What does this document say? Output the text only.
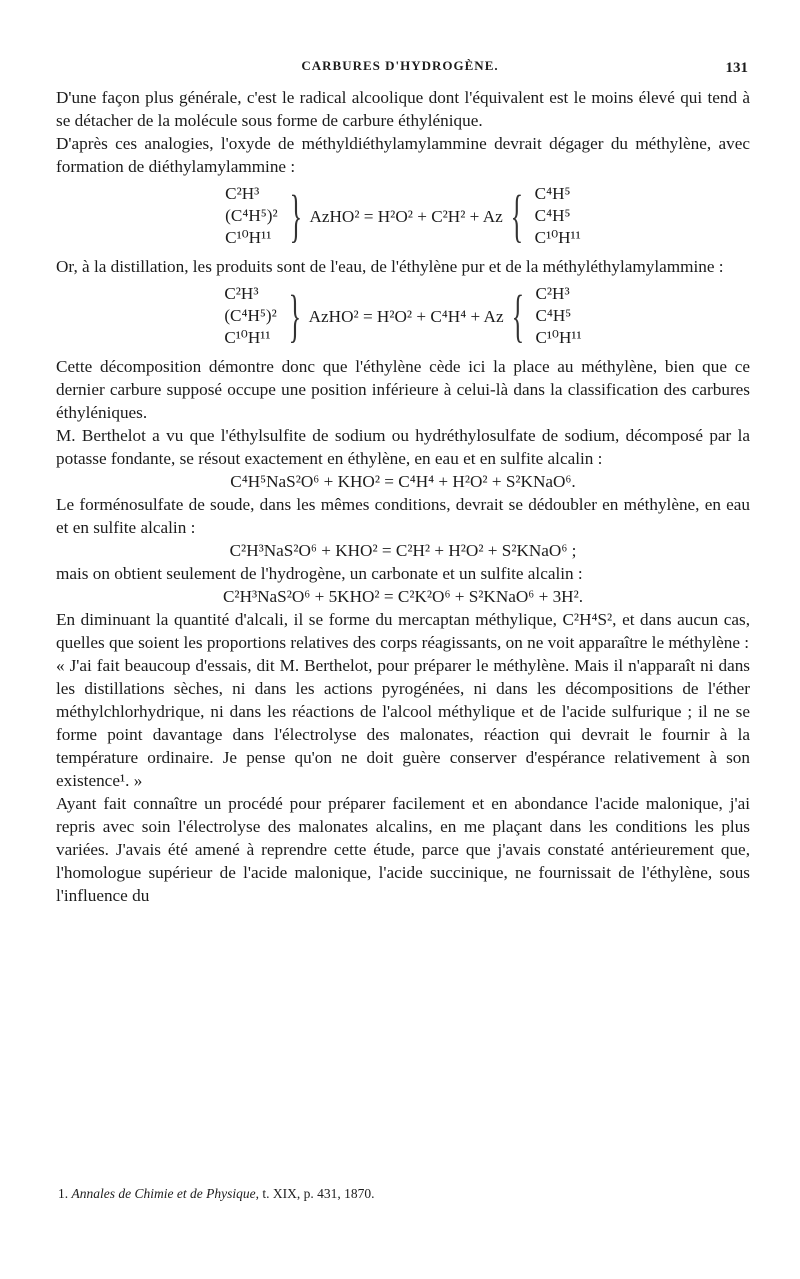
CARBURES D'HYDROGÈNE.	131

D'une façon plus générale, c'est le radical alcoolique dont l'équivalent est le moins élevé qui tend à se détacher de la molécule sous forme de carbure éthylénique.

D'après ces analogies, l'oxyde de méthyldiéthylamylammine devrait dégager du méthylène, avec formation de diéthylamylammine :

C²H³
(C⁴H⁵)²
C¹⁰H¹¹ } AzHO² = H²O² + C²H² + Az { C⁴H⁵
C⁴H⁵
C¹⁰H¹¹

Or, à la distillation, les produits sont de l'eau, de l'éthylène pur et de la méthyléthylamylammine :

C²H³
(C⁴H⁵)²
C¹⁰H¹¹ } AzHO² = H²O² + C⁴H⁴ + Az { C²H³
C⁴H⁵
C¹⁰H¹¹

Cette décomposition démontre donc que l'éthylène cède ici la place au méthylène, bien que ce dernier carbure supposé occupe une position inférieure à celui-là dans la classification des carbures éthyléniques.

M. Berthelot a vu que l'éthylsulfite de sodium ou hydréthylosulfate de sodium, décomposé par la potasse fondante, se résout exactement en éthylène, en eau et en sulfite alcalin :

C⁴H⁵NaS²O⁶ + KHO² = C⁴H⁴ + H²O² + S²KNaO⁶.

Le forménosulfate de soude, dans les mêmes conditions, devrait se dédoubler en méthylène, en eau et en sulfite alcalin :

C²H³NaS²O⁶ + KHO² = C²H² + H²O² + S²KNaO⁶ ;

mais on obtient seulement de l'hydrogène, un carbonate et un sulfite alcalin :

C²H³NaS²O⁶ + 5KHO² = C²K²O⁶ + S²KNaO⁶ + 3H².

En diminuant la quantité d'alcali, il se forme du mercaptan méthylique, C²H⁴S², et dans aucun cas, quelles que soient les proportions relatives des corps réagissants, on ne voit apparaître le méthylène :

« J'ai fait beaucoup d'essais, dit M. Berthelot, pour préparer le méthylène. Mais il n'apparaît ni dans les distillations sèches, ni dans les actions pyrogénées, ni dans les décompositions de l'éther méthylchlorhydrique, ni dans les réactions de l'alcool méthylique et de l'acide sulfurique ; il ne se forme point davantage dans l'électrolyse des malonates, réaction qui devrait le fournir à la température ordinaire. Je pense qu'on ne doit guère conserver d'espérance relativement à son existence¹. »

Ayant fait connaître un procédé pour préparer facilement et en abondance l'acide malonique, j'ai repris avec soin l'électrolyse des malonates alcalins, en me plaçant dans les conditions les plus variées. J'avais été amené à reprendre cette étude, parce que j'avais constaté antérieurement que, l'homologue supérieur de l'acide malonique, l'acide succinique, ne fournissait de l'éthylène, sous l'influence du

1. Annales de Chimie et de Physique, t. XIX, p. 431, 1870.
